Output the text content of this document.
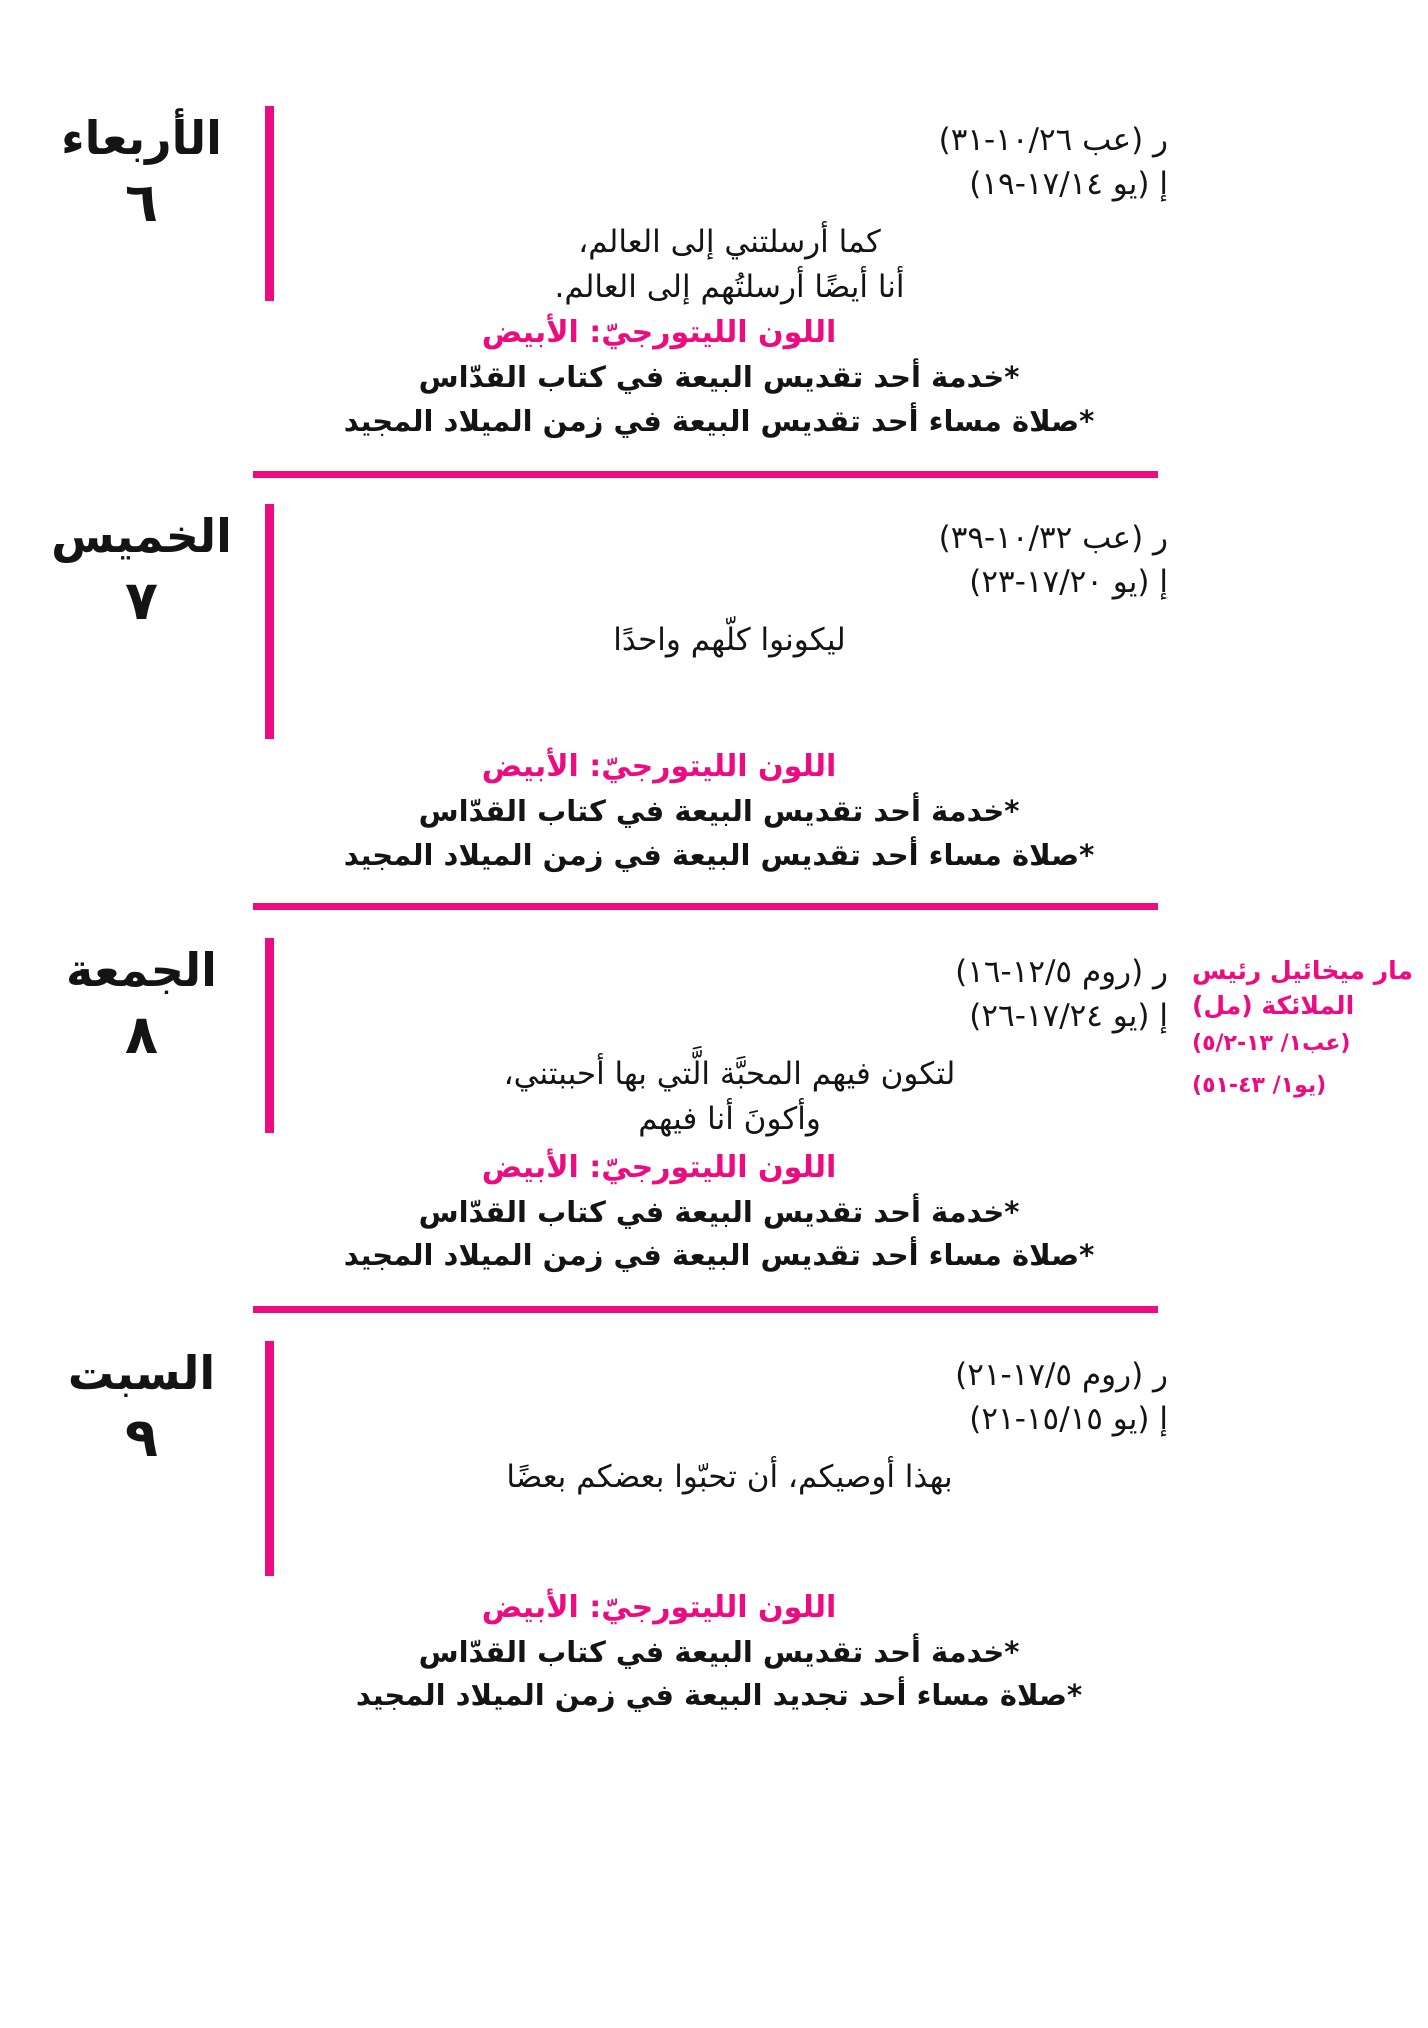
ر (عب ١٠/٢٦-٣١)
إ (يو ١٧/١٤-١٩)
كما أرسلتني إلى العالم،
أنا أيضًا أرسلتُهم إلى العالم.
الأربعاء
٦
اللون الليتورجيّ: الأبيض
*خدمة أحد تقديس البيعة في كتاب القدّاس
*صلاة مساء أحد تقديس البيعة في زمن الميلاد المجيد
ر (عب ١٠/٣٢-٣٩)
إ (يو ١٧/٢٠-٢٣)
ليكونوا كلّهم واحدًا
الخميس
٧
اللون الليتورجيّ: الأبيض
*خدمة أحد تقديس البيعة في كتاب القدّاس
*صلاة مساء أحد تقديس البيعة في زمن الميلاد المجيد
مار ميخائيل رئيس
الملائكة (مل)
(عب١/ ١٣-٥/٢)
(يو١/ ٤٣-٥١)
ر (روم ١٢/٥-١٦)
إ (يو ١٧/٢٤-٢٦)
لتكون فيهم المحبَّة الَّتي بها أحببتني،
وأكونَ أنا فيهم
الجمعة
٨
اللون الليتورجيّ: الأبيض
*خدمة أحد تقديس البيعة في كتاب القدّاس
*صلاة مساء أحد تقديس البيعة في زمن الميلاد المجيد
ر (روم ١٧/٥-٢١)
إ (يو ١٥/١٥-٢١)
بهذا أوصيكم، أن تحبّوا بعضكم بعضًا
السبت
٩
اللون الليتورجيّ: الأبيض
*خدمة أحد تقديس البيعة في كتاب القدّاس
*صلاة مساء أحد تجديد البيعة في زمن الميلاد المجيد
